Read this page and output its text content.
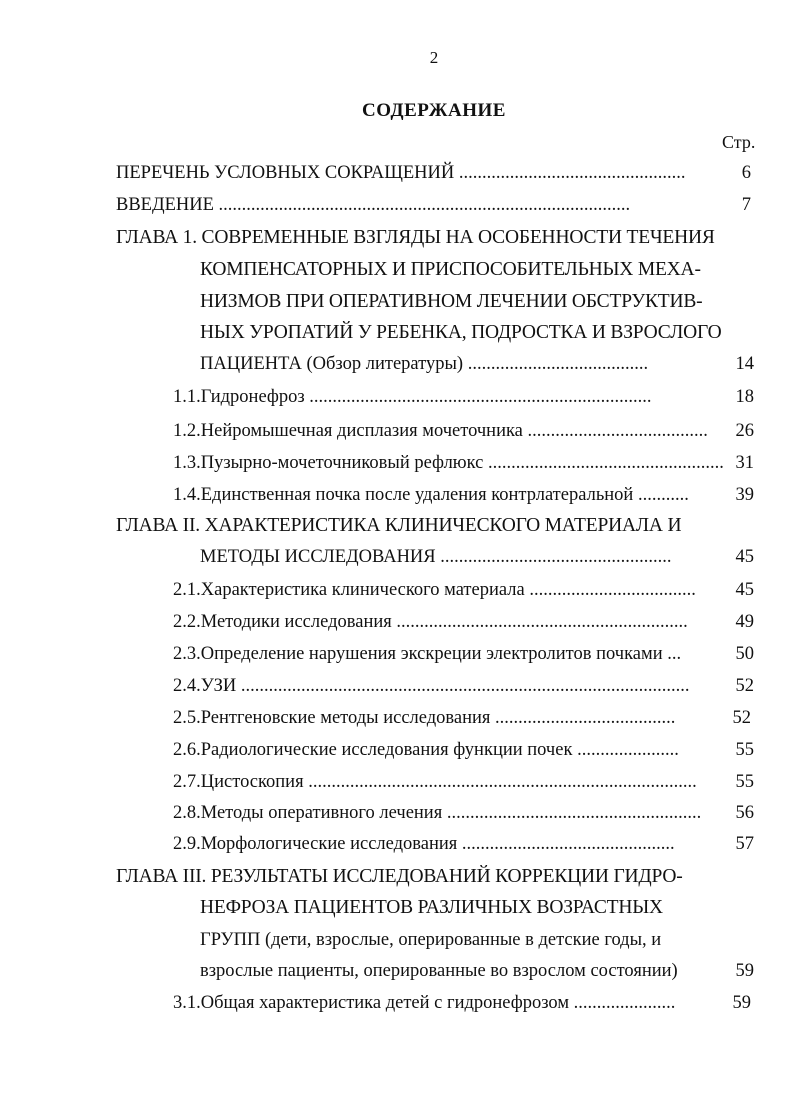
2
СОДЕРЖАНИЕ
Стр.
ПЕРЕЧЕНЬ УСЛОВНЫХ СОКРАЩЕНИЙ .................................................	6
ВВЕДЕНИЕ .........................................................................................	7
ГЛАВА 1. СОВРЕМЕННЫЕ ВЗГЛЯДЫ НА ОСОБЕННОСТИ ТЕЧЕНИЯ
КОМПЕНСАТОРНЫХ И ПРИСПОСОБИТЕЛЬНЫХ МЕХА-
НИЗМОВ ПРИ ОПЕРАТИВНОМ ЛЕЧЕНИИ ОБСТРУКТИВ-
НЫХ УРОПАТИЙ У РЕБЕНКА, ПОДРОСТКА И ВЗРОСЛОГО
ПАЦИЕНТА (Обзор литературы) .......................................	14
1.1.Гидронефроз ..........................................................................	18
1.2.Нейромышечная дисплазия мочеточника .......................................	26
1.3.Пузырно-мочеточниковый рефлюкс ................................................... 31
1.4.Единственная почка после удаления контрлатеральной ...........	39
ГЛАВА II. ХАРАКТЕРИСТИКА КЛИНИЧЕСКОГО МАТЕРИАЛА И
МЕТОДЫ ИССЛЕДОВАНИЯ ..................................................	45
2.1.Характеристика клинического материала ....................................	45
2.2.Методики исследования ...............................................................	49
2.3.Определение нарушения экскреции электролитов почками ...	50
2.4.УЗИ .................................................................................................	52
2.5.Рентгеновские методы исследования .......................................	52
2.6.Радиологические исследования функции почек ......................	55
2.7.Цистоскопия ....................................................................................	55
2.8.Методы оперативного лечения .......................................................	56
2.9.Морфологические исследования ..............................................	57
ГЛАВА III. РЕЗУЛЬТАТЫ ИССЛЕДОВАНИЙ КОРРЕКЦИИ ГИДРО-
НЕФРОЗА ПАЦИЕНТОВ РАЗЛИЧНЫХ ВОЗРАСТНЫХ
ГРУПП (дети, взрослые, оперированные в детские годы, и
взрослые пациенты, оперированные во взрослом состоянии)	59
3.1.Общая характеристика детей с гидронефрозом ......................	59
